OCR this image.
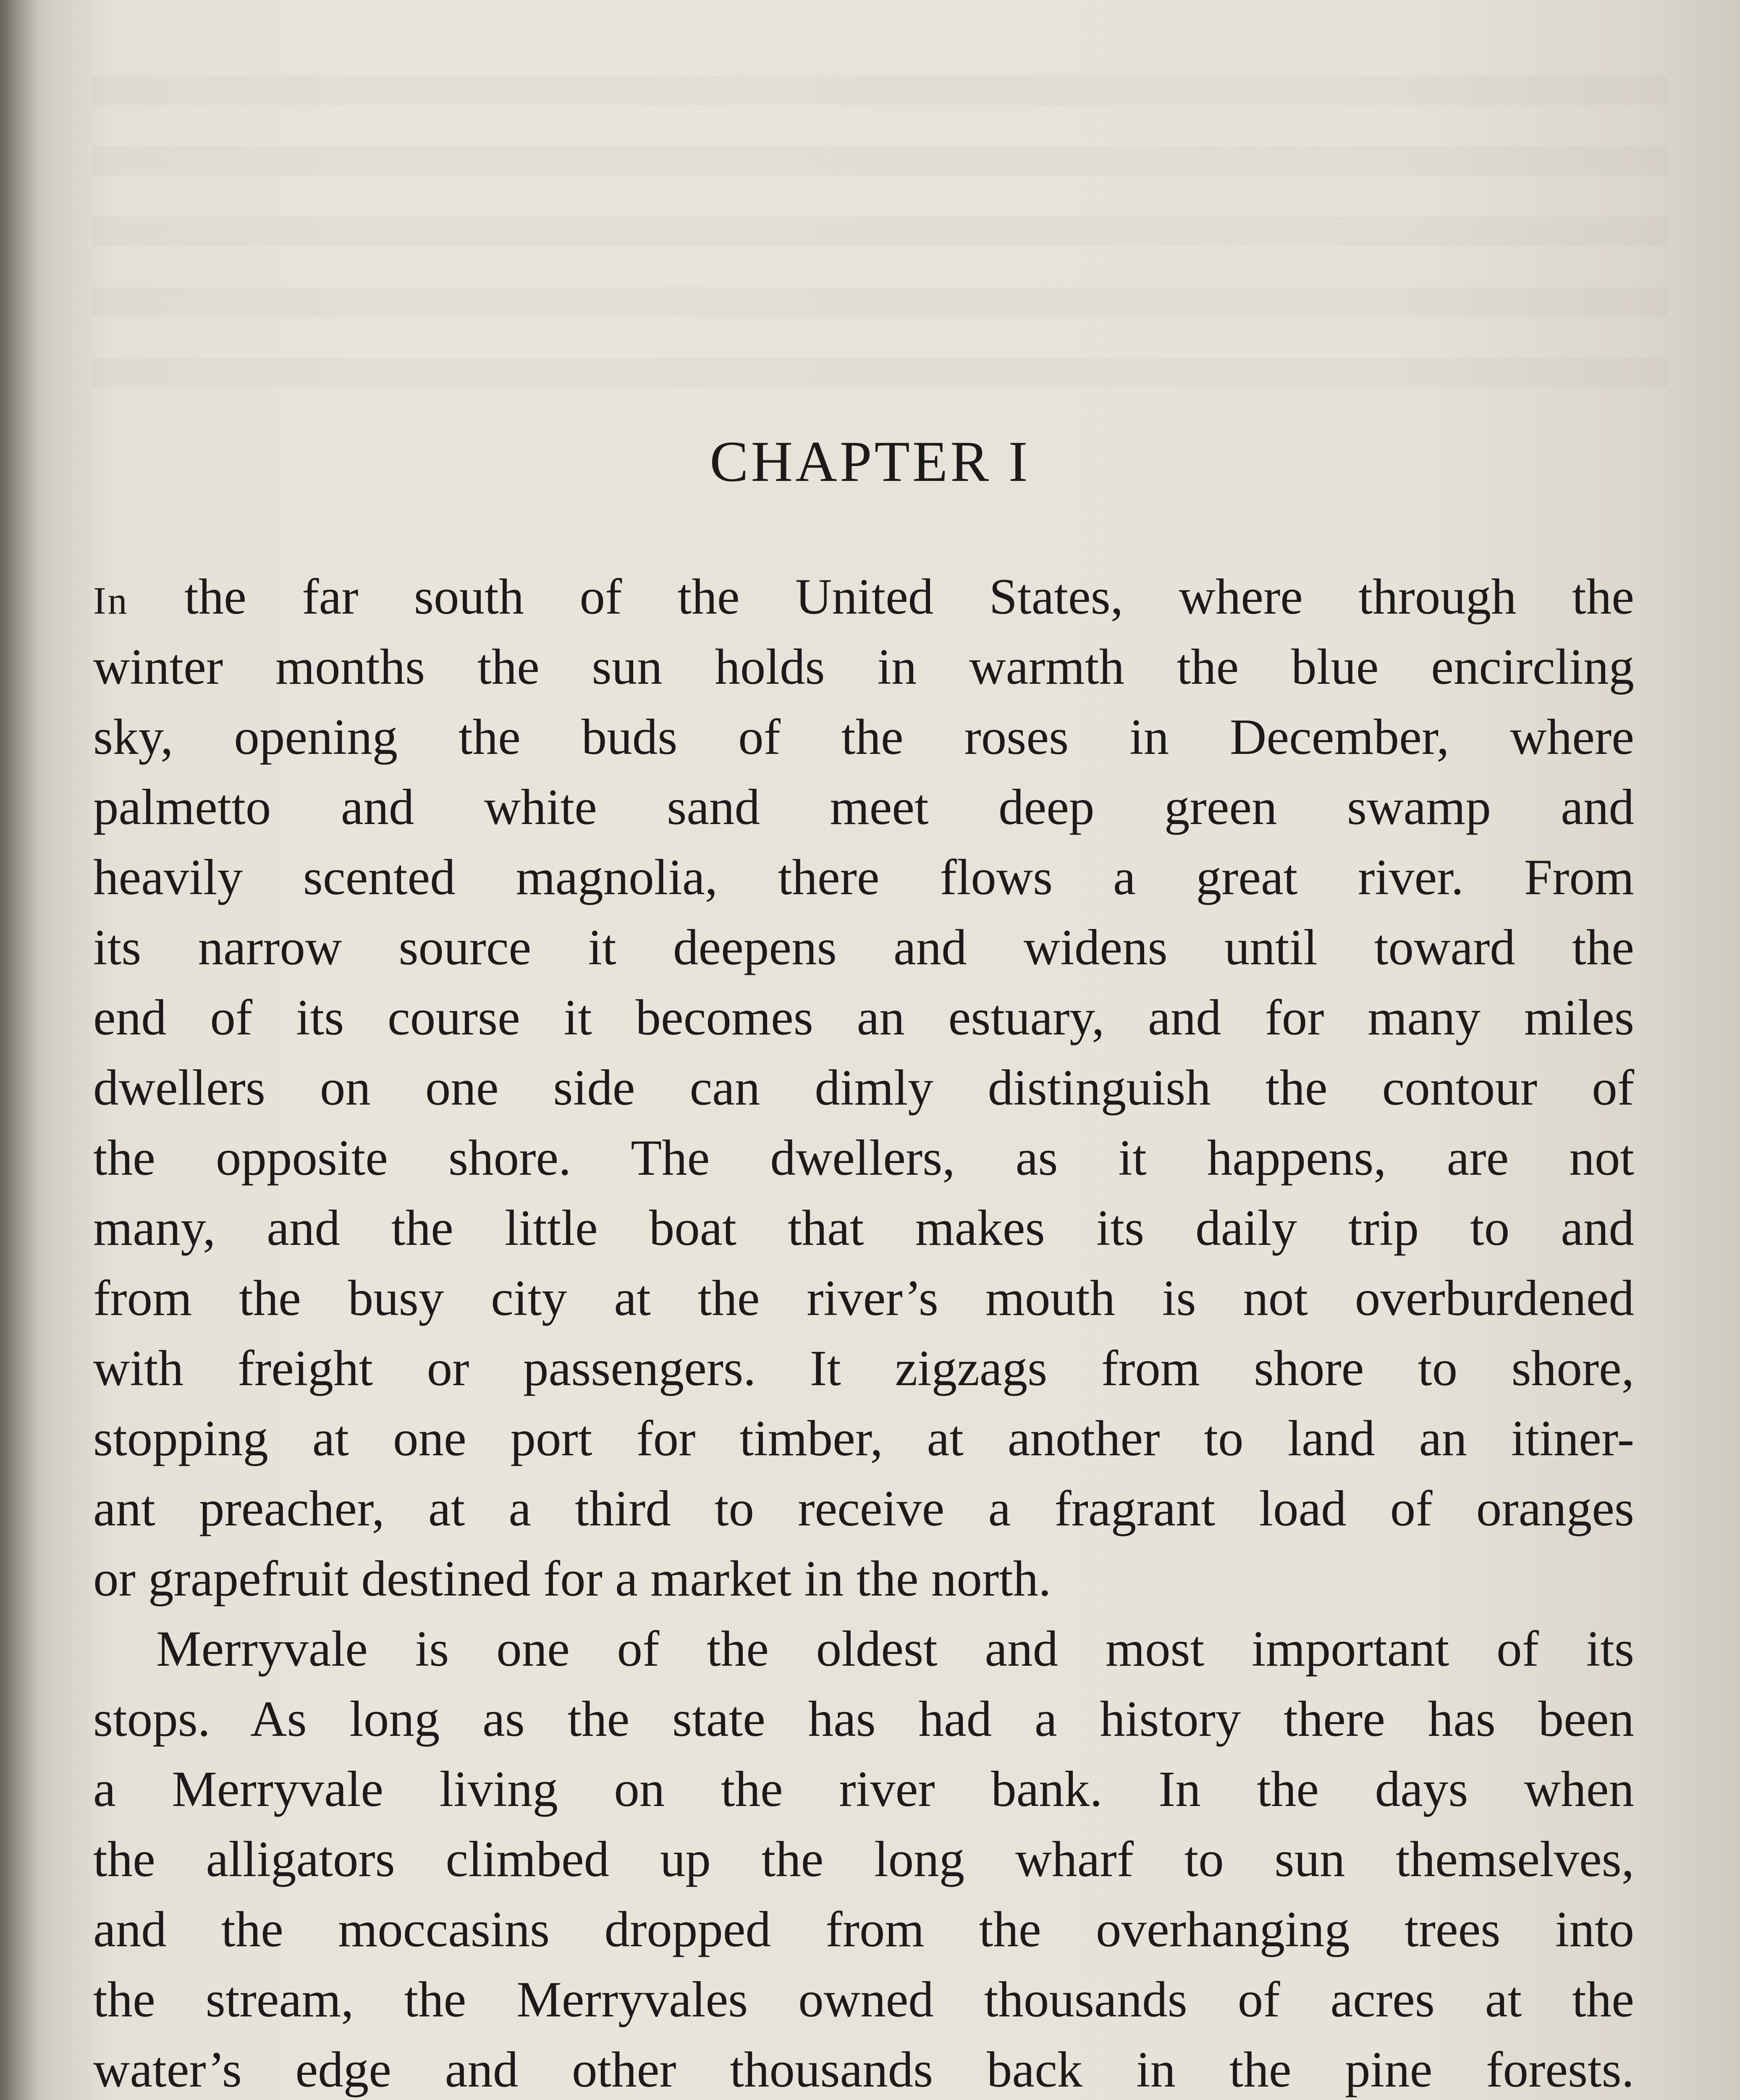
CHAPTER I
In the far south of the United States, where through the
winter months the sun holds in warmth the blue encircling
sky, opening the buds of the roses in December, where
palmetto and white sand meet deep green swamp and
heavily scented magnolia, there flows a great river. From
its narrow source it deepens and widens until toward the
end of its course it becomes an estuary, and for many miles
dwellers on one side can dimly distinguish the contour of
the opposite shore. The dwellers, as it happens, are not
many, and the little boat that makes its daily trip to and
from the busy city at the river’s mouth is not overburdened
with freight or passengers. It zigzags from shore to shore,
stopping at one port for timber, at another to land an itiner-
ant preacher, at a third to receive a fragrant load of oranges
or grapefruit destined for a market in the north.
Merryvale is one of the oldest and most important of its
stops. As long as the state has had a history there has been
a Merryvale living on the river bank. In the days when
the alligators climbed up the long wharf to sun themselves,
and the moccasins dropped from the overhanging trees into
the stream, the Merryvales owned thousands of acres at the
water’s edge and other thousands back in the pine forests.
